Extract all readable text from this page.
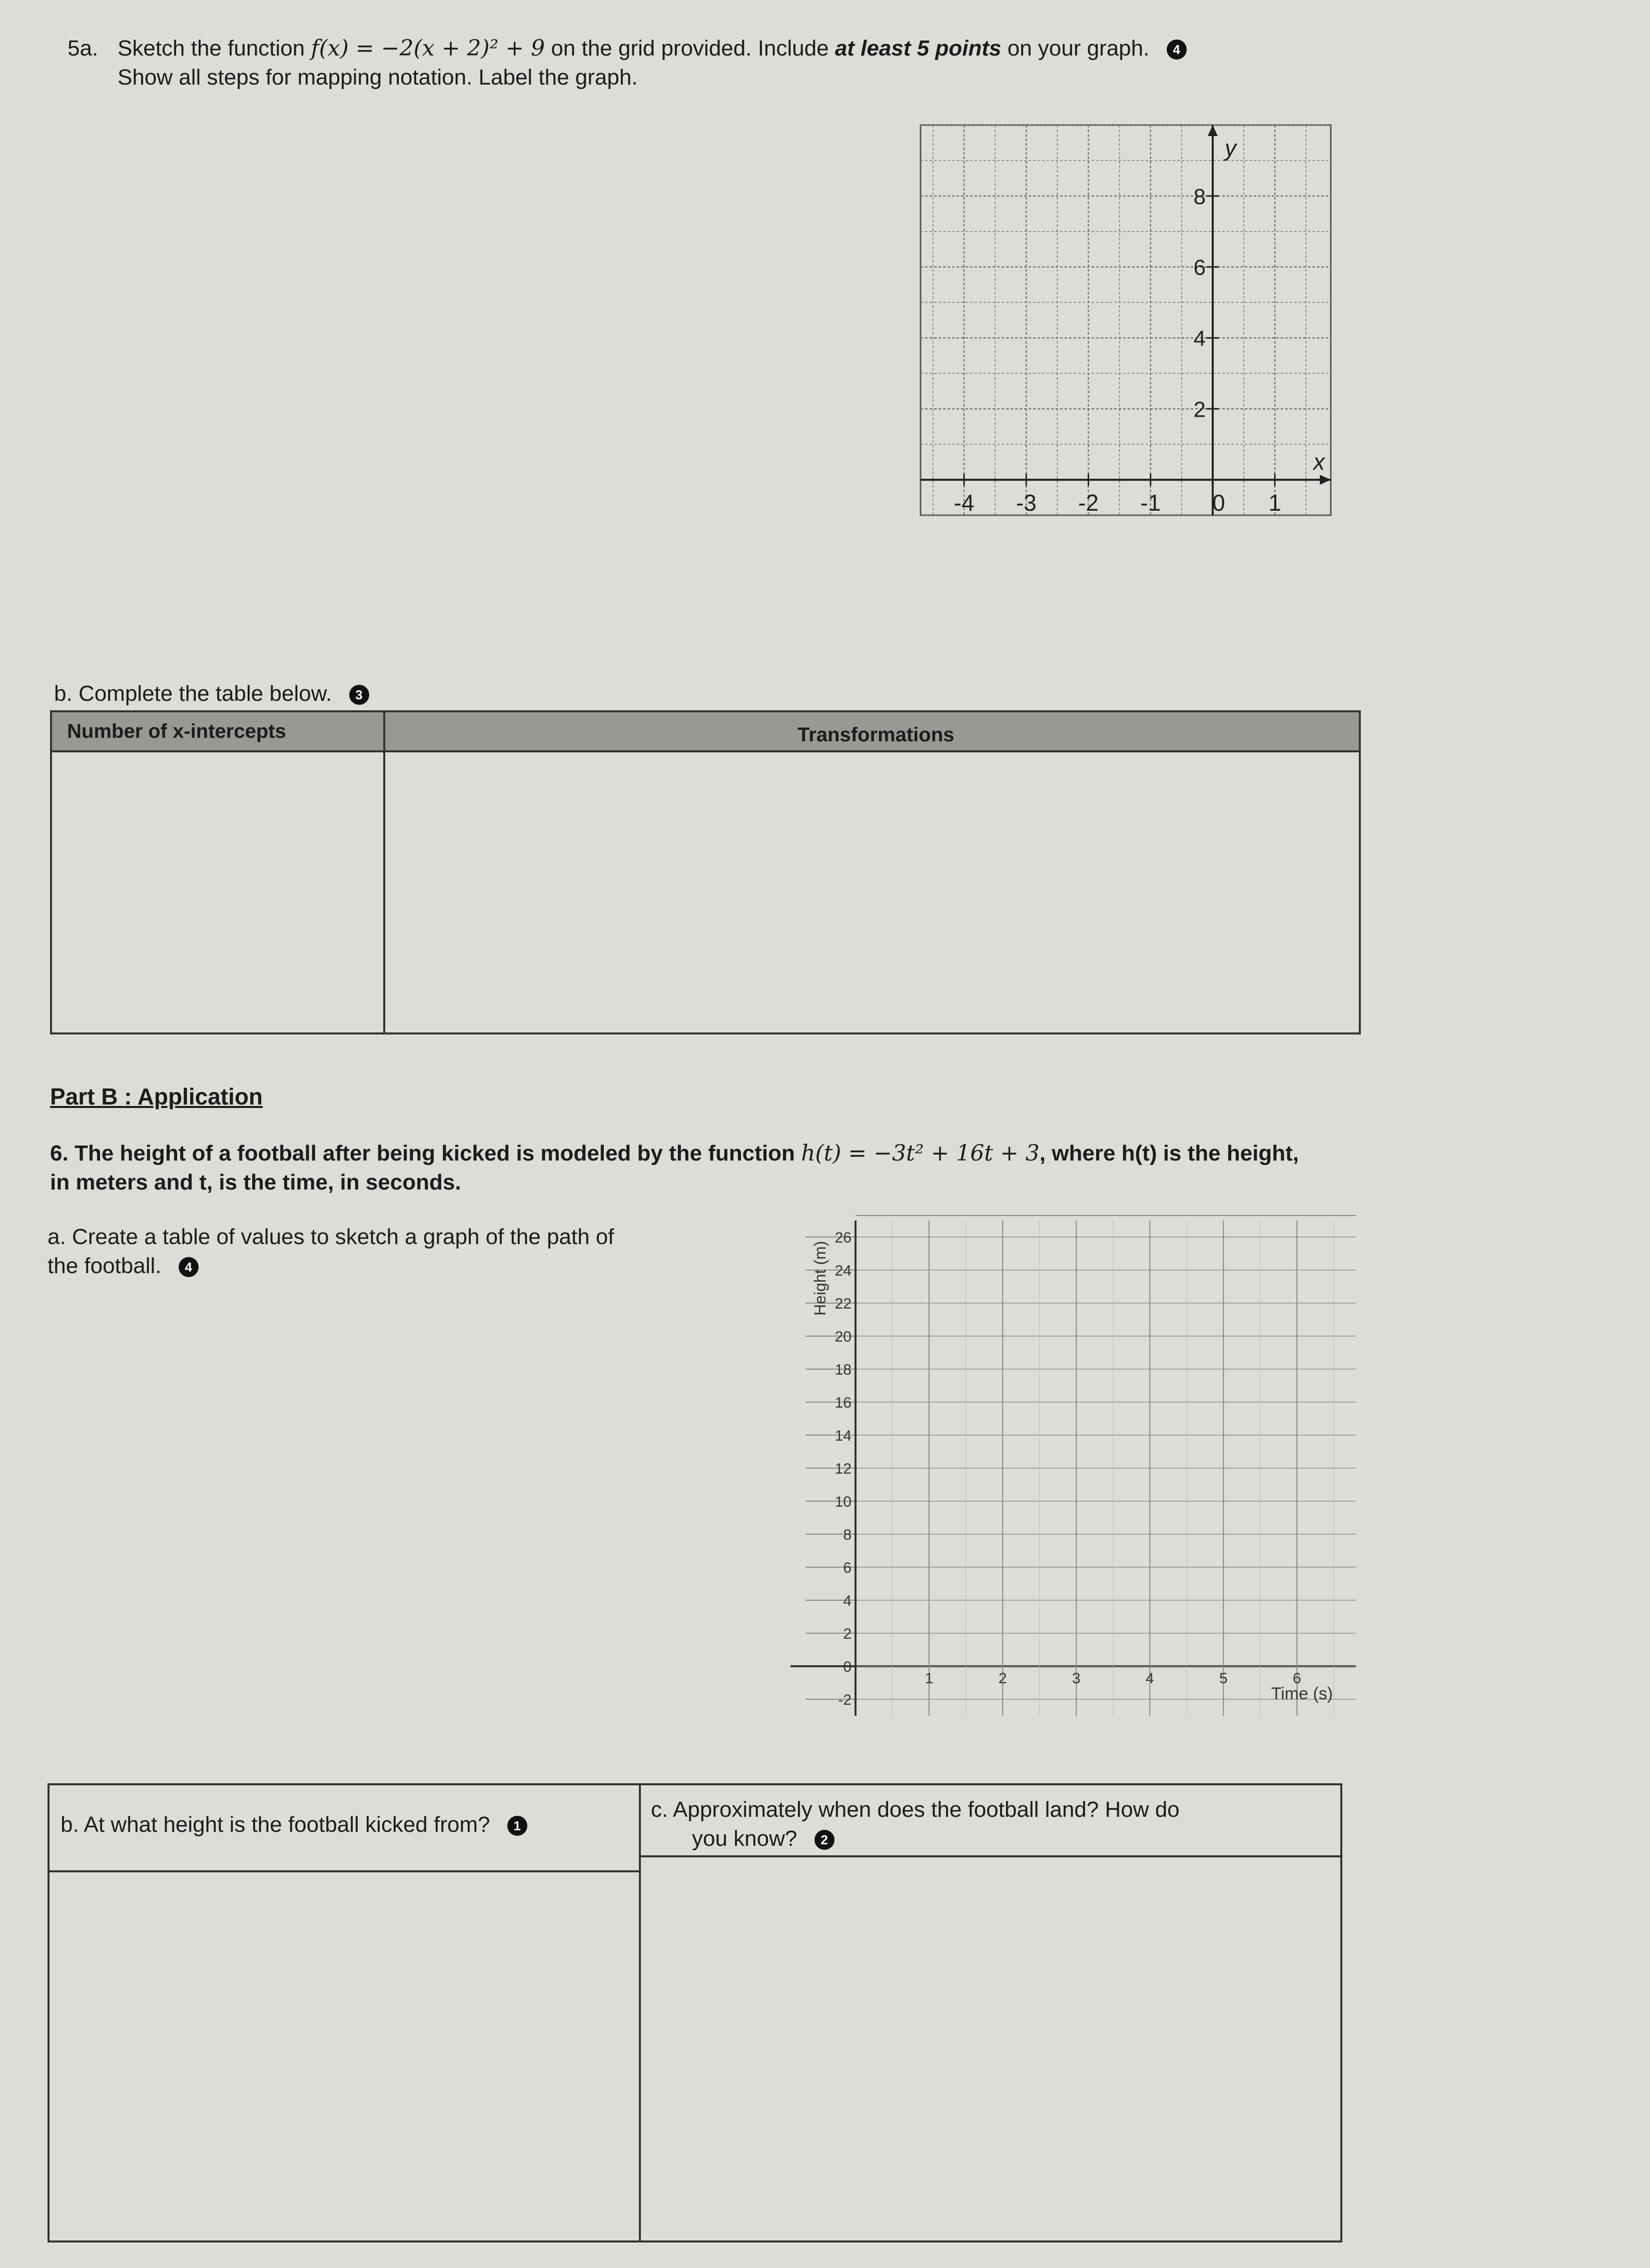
5a. Sketch the function f(x) = −2(x + 2)² + 9 on the grid provided. Include at least 5 points on your graph. 4
Show all steps for mapping notation. Label the graph.
-4 -3 -2 -1 0 1
2
4
6
8
x
y
b. Complete the table below. 3
Number of x-intercepts	Transformations
Part B : Application
6. The height of a football after being kicked is modeled by the function h(t) = −3t² + 16t + 3, where h(t) is the height,
in meters and t, is the time, in seconds.
a. Create a table of values to sketch a graph of the path of
the football. 4
26
24
22
20
18
16
14
12
10
8
6
4
2
0
-2
1	2	3	4	5	6
Time (s)
Height (m)
b. At what height is the football kicked from? 1
c. Approximately when does the football land? How do
you know? 2
